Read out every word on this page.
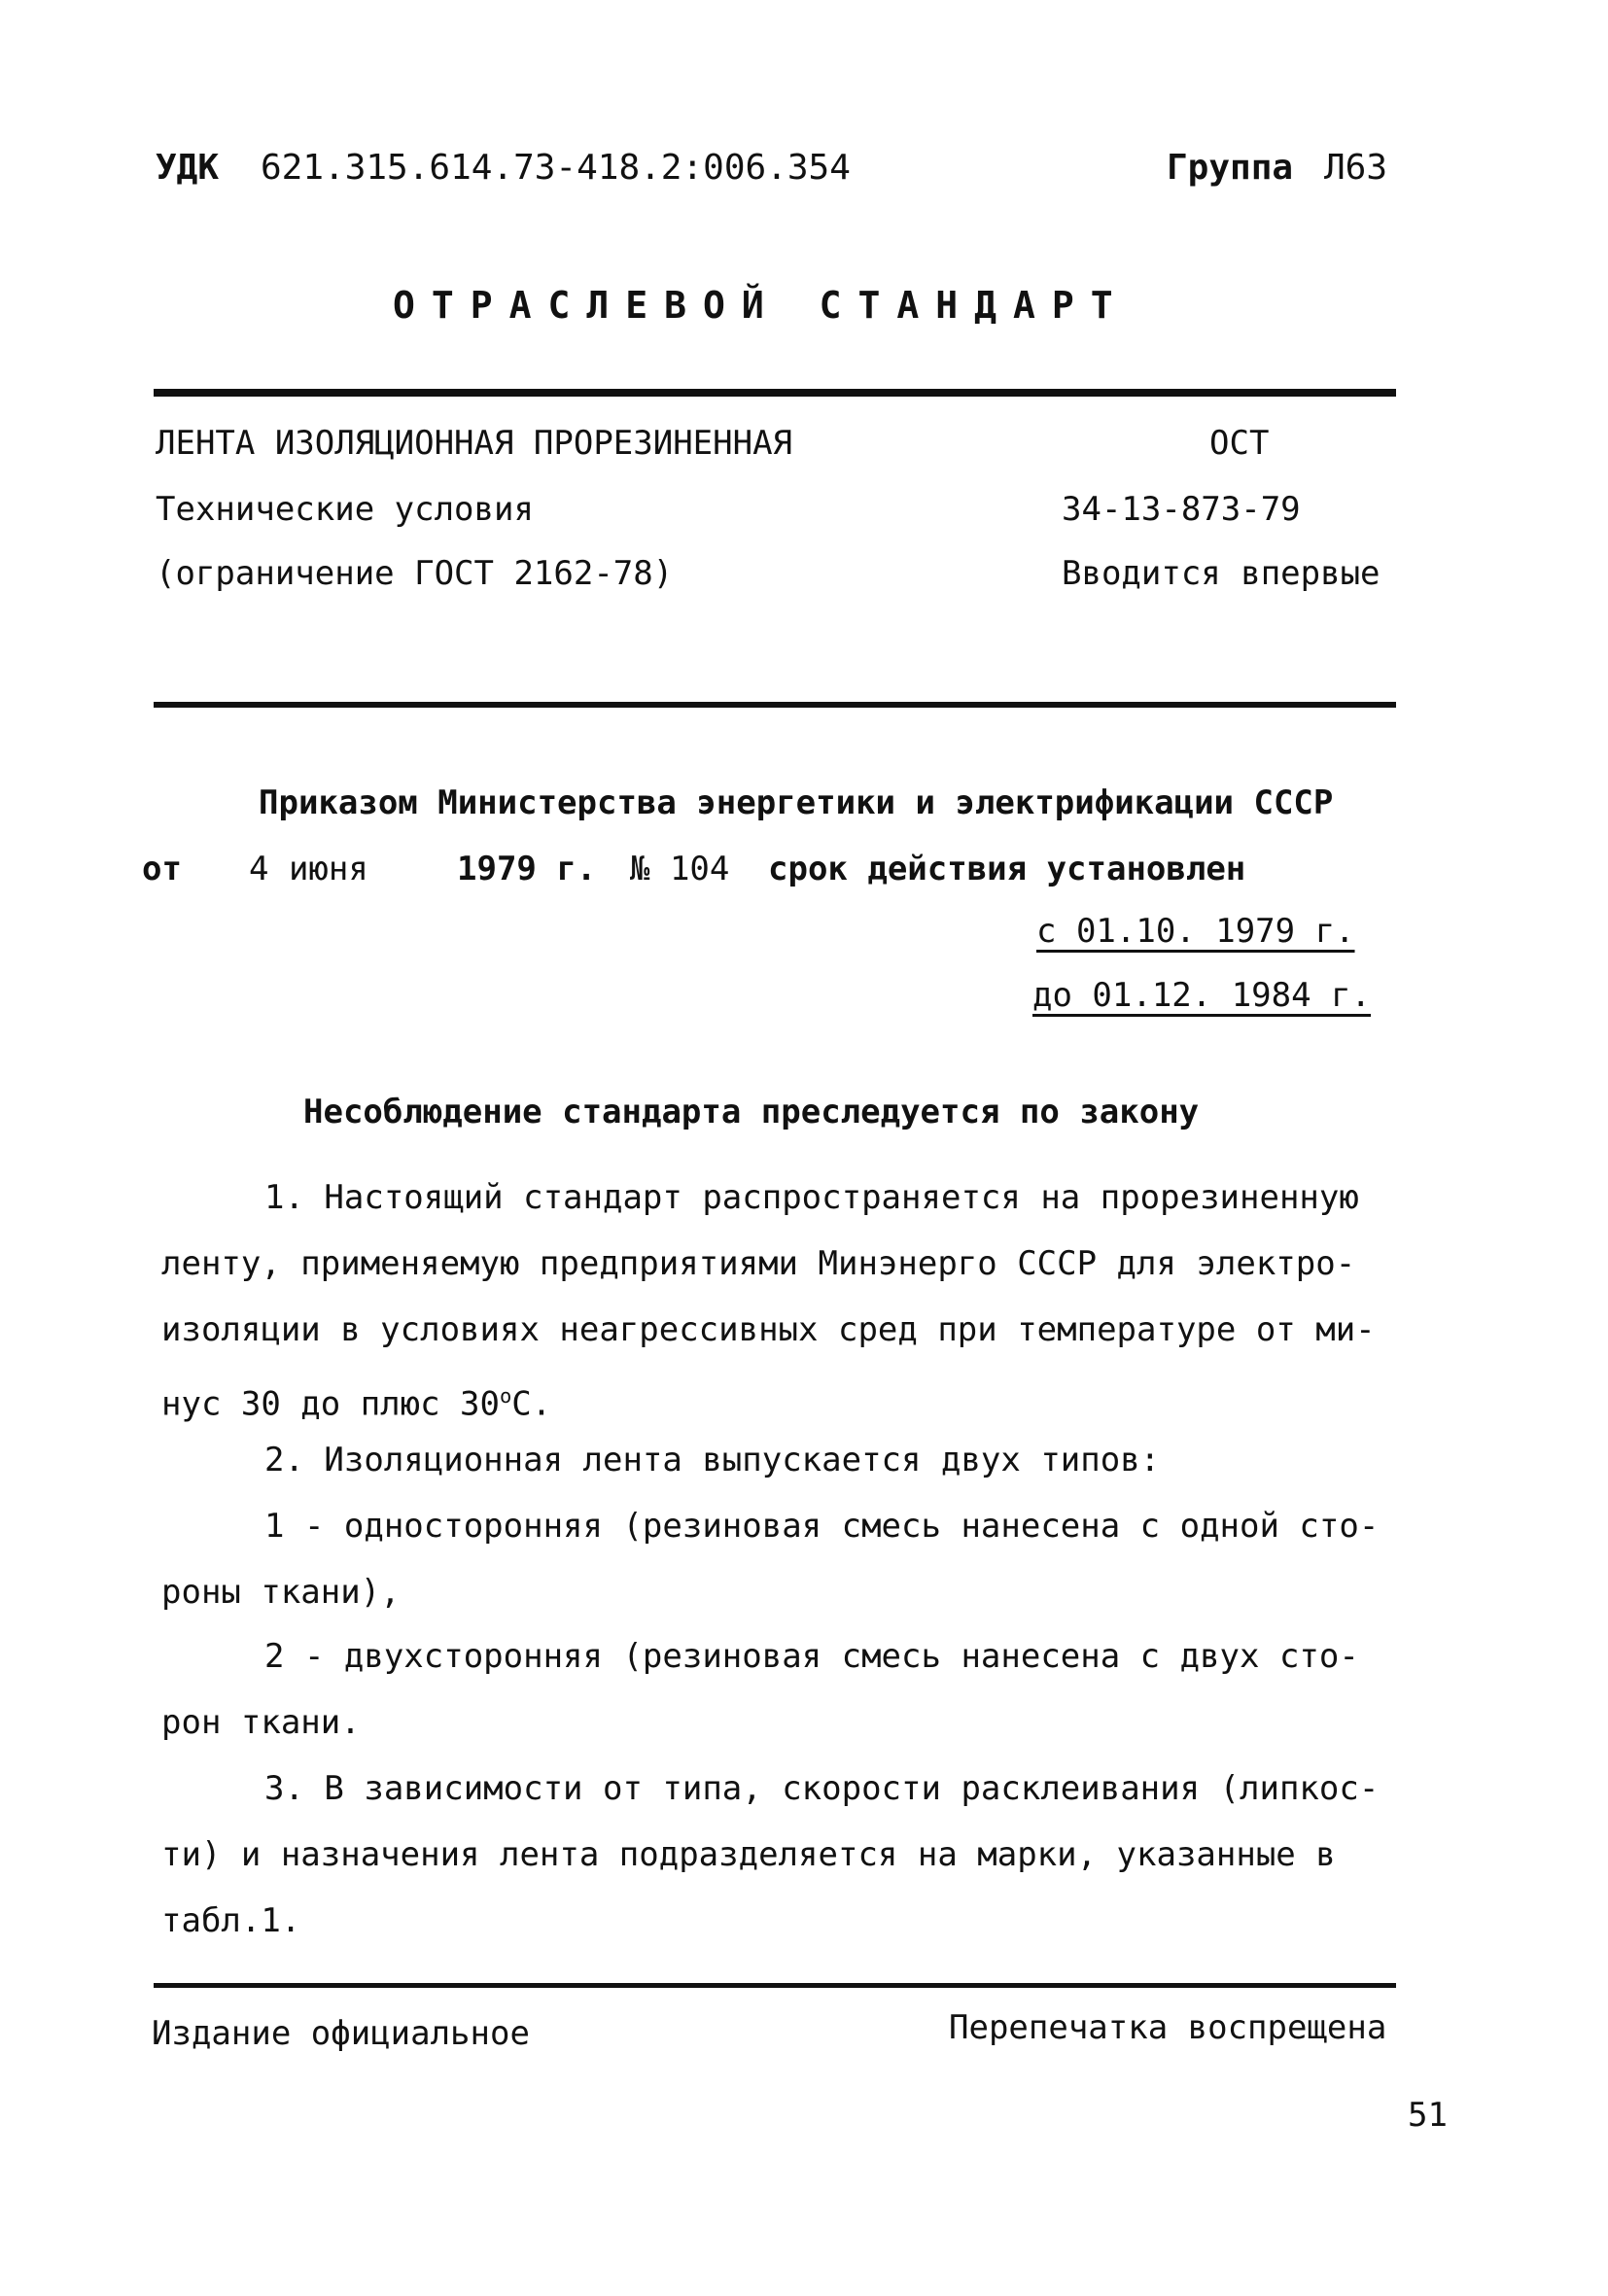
УДК 621.315.614.73-418.2:006.354	Группа Л63
ОТРАСЛЕВОЙ СТАНДАРТ
ЛЕНТА ИЗОЛЯЦИОННАЯ ПРОРЕЗИНЕННАЯ
Технические условия
(ограничение ГОСТ 2162-78)
ОСТ
34-13-873-79
Вводится впервые
Приказом Министерства энергетики и электрификации СССР
от 4 июня	1979 г. № 104 срок действия установлен
с 01.10. 1979 г.
до 01.12. 1984 г.
Несоблюдение стандарта преследуется по закону
1. Настоящий стандарт распространяется на прорезиненную
ленту, применяемую предприятиями Минэнерго СССР для электро-
изоляции в условиях неагрессивных сред при температуре от ми-
нус 30 до плюс $30^оС$.
2. Изоляционная лента выпускается двух типов:
1 - односторонняя (резиновая смесь нанесена с одной сто-
роны ткани),
2 - двухсторонняя (резиновая смесь нанесена с двух сто-
рон ткани.
3. В зависимости от типа, скорости расклеивания (липкос-
ти) и назначения лента подразделяется на марки, указанные в
табл.1.
Издание официальное	Перепечатка воспрещена
51
